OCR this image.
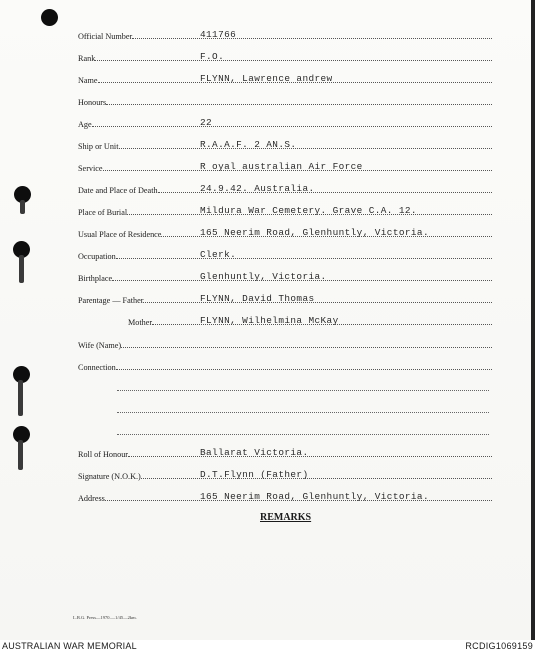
Official Number	411766
Rank	F.O.
Name	FLYNN, Lawrence andrew
Honours
Age	22
Ship or Unit	R.A.A.F. 2 AN.S.
Service	R oyal australian Air Force
Date and Place of Death	24.9.42. Australia.
Place of Burial	Mildura War Cemetery. Grave C.A. 12.
Usual Place of Residence	165 Neerim Road, Glenhuntly, Victoria.
Occupation	Clerk.
Birthplace	Glenhuntly, Victoria.
Parentage — Father	FLYNN, David Thomas
Mother	FLYNN, Wilhelmina McKay
Wife (Name)
Connection
Roll of Honour	Ballarat Victoria.
Signature (N.O.K.)	D.T.Flynn (Father)
Address	165 Neerim Road, Glenhuntly, Victoria.
REMARKS
L.B.G. Press—1970.—1/45—2km.
AUSTRALIAN WAR MEMORIAL	RCDIG1069159
